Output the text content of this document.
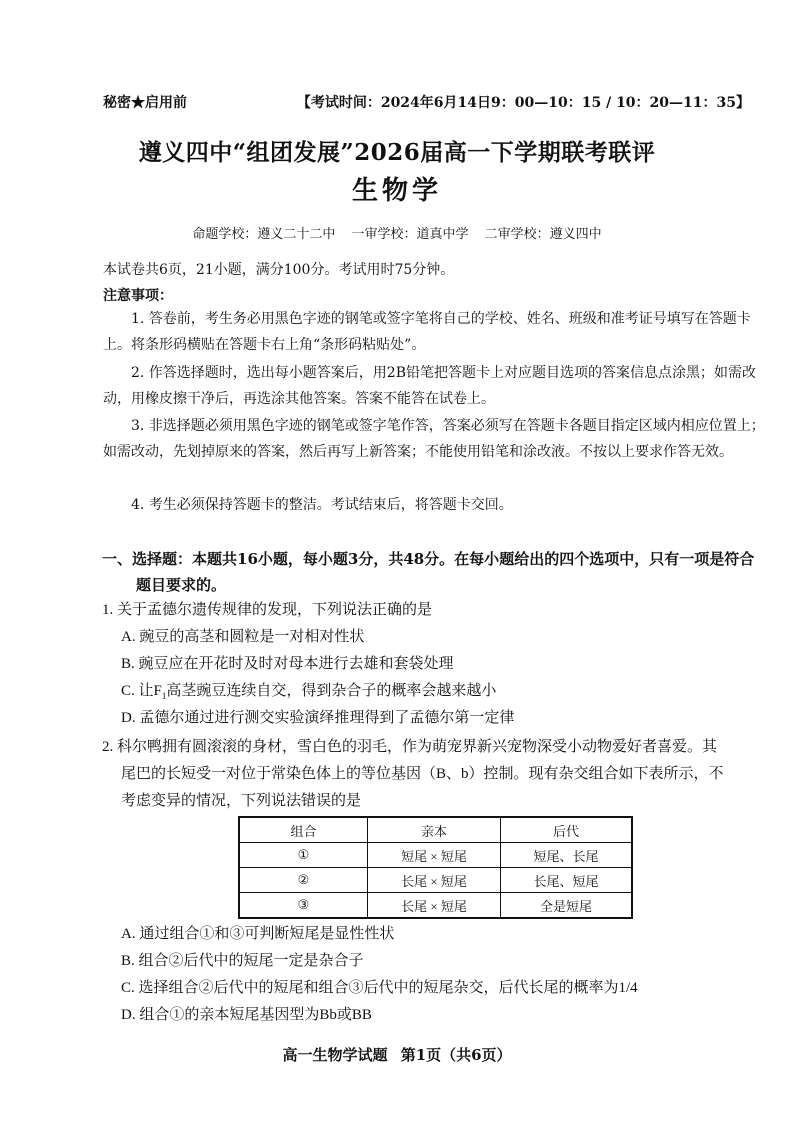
秘密★启用前	【考试时间：2024年6月14日9：00—10：15 / 10：20—11：35】
遵义四中“组团发展”2026届高一下学期联考联评
生物学
命题学校：遵义二十二中 一审学校：道真中学 二审学校：遵义四中
本试卷共6页，21小题，满分100分。考试用时75分钟。
注意事项：
1. 答卷前，考生务必用黑色字迹的钢笔或签字笔将自己的学校、姓名、班级和准考证号填写在答题卡上。将条形码横贴在答题卡右上角“条形码粘贴处”。
2. 作答选择题时，选出每小题答案后，用2B铅笔把答题卡上对应题目选项的答案信息点涂黑；如需改动，用橡皮擦干净后，再选涂其他答案。答案不能答在试卷上。
3. 非选择题必须用黑色字迹的钢笔或签字笔作答，答案必须写在答题卡各题目指定区域内相应位置上；如需改动，先划掉原来的答案，然后再写上新答案；不能使用铅笔和涂改液。不按以上要求作答无效。
4. 考生必须保持答题卡的整洁。考试结束后，将答题卡交回。
一、选择题：本题共16小题，每小题3分，共48分。在每小题给出的四个选项中，只有一项是符合题目要求的。
1. 关于孟德尔遗传规律的发现，下列说法正确的是
A. 豌豆的高茎和圆粒是一对相对性状
B. 豌豆应在开花时及时对母本进行去雄和套袋处理
C. 让$F_1$高茎豌豆连续自交，得到杂合子的概率会越来越小
D. 孟德尔通过进行测交实验演绎推理得到了孟德尔第一定律
2. 科尔鸭拥有圆滚滚的身材，雪白色的羽毛，作为萌宠界新兴宠物深受小动物爱好者喜爱。其
尾巴的长短受一对位于常染色体上的等位基因（B、b）控制。现有杂交组合如下表所示，不
考虑变异的情况，下列说法错误的是
组合	亲本	后代
①	短尾 × 短尾	短尾、长尾
②	长尾 × 短尾	长尾、短尾
③	长尾 × 短尾	全是短尾
A. 通过组合①和③可判断短尾是显性性状
B. 组合②后代中的短尾一定是杂合子
C. 选择组合②后代中的短尾和组合③后代中的短尾杂交，后代长尾的概率为1/4
D. 组合①的亲本短尾基因型为Bb或BB
高一生物学试题 第1页（共6页）
